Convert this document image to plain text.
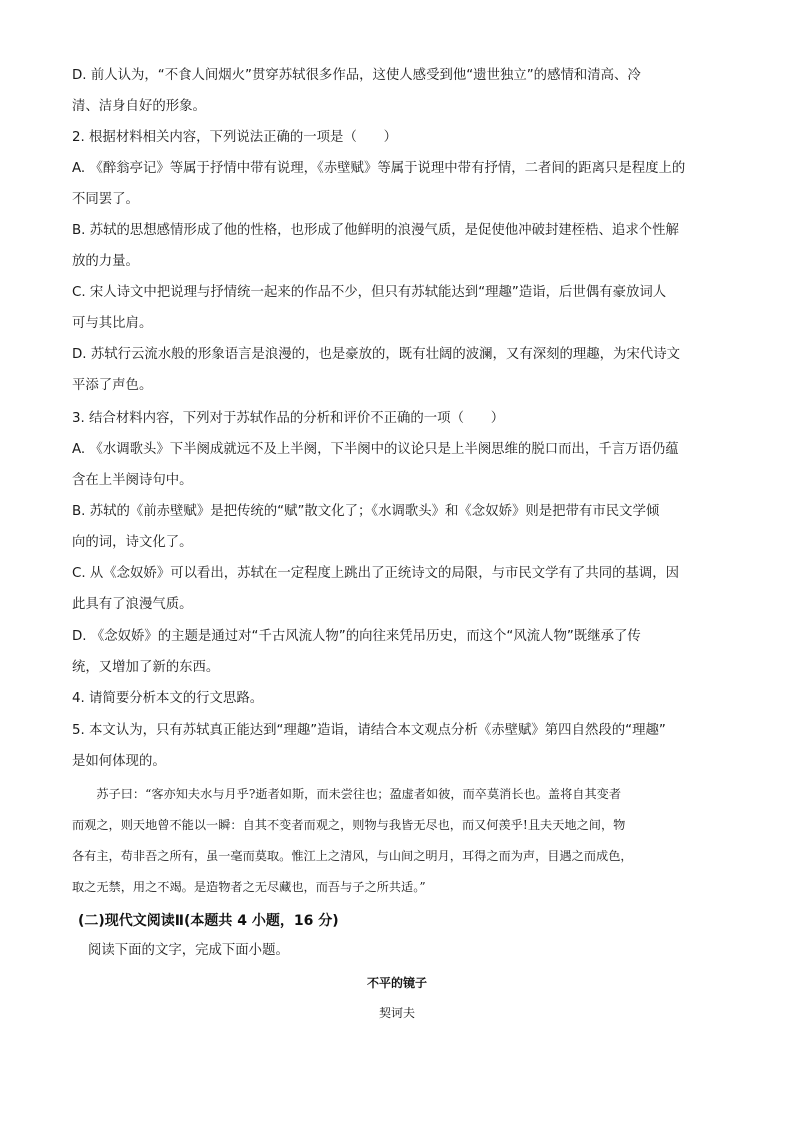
D. 前人认为，“不食人间烟火”贯穿苏轼很多作品，这使人感受到他“遗世独立”的感情和清高、冷
清、洁身自好的形象。
2. 根据材料相关内容，下列说法正确的一项是（　　）
A. 《醉翁亭记》等属于抒情中带有说理，《赤壁赋》等属于说理中带有抒情，二者间的距离只是程度上的
不同罢了。
B. 苏轼的思想感情形成了他的性格，也形成了他鲜明的浪漫气质，是促使他冲破封建桎梏、追求个性解
放的力量。
C. 宋人诗文中把说理与抒情统一起来的作品不少，但只有苏轼能达到“理趣”造诣，后世偶有豪放词人
可与其比肩。
D. 苏轼行云流水般的形象语言是浪漫的，也是豪放的，既有壮阔的波澜，又有深刻的理趣，为宋代诗文
平添了声色。
3. 结合材料内容，下列对于苏轼作品的分析和评价不正确的一项（　　）
A. 《水调歌头》下半阕成就远不及上半阕，下半阕中的议论只是上半阕思维的脱口而出，千言万语仍蕴
含在上半阕诗句中。
B. 苏轼的《前赤壁赋》是把传统的“赋”散文化了；《水调歌头》和《念奴娇》则是把带有市民文学倾
向的词，诗文化了。
C. 从《念奴娇》可以看出，苏轼在一定程度上跳出了正统诗文的局限，与市民文学有了共同的基调，因
此具有了浪漫气质。
D. 《念奴娇》的主题是通过对“千古风流人物”的向往来凭吊历史，而这个“风流人物”既继承了传
统，又增加了新的东西。
4. 请简要分析本文的行文思路。
5. 本文认为，只有苏轼真正能达到“理趣”造诣，请结合本文观点分析《赤壁赋》第四自然段的“理趣”
是如何体现的。
　　苏子曰：“客亦知夫水与月乎?逝者如斯，而未尝往也；盈虚者如彼，而卒莫消长也。盖将自其变者
而观之，则天地曾不能以一瞬：自其不变者而观之，则物与我皆无尽也，而又何羡乎!且夫天地之间，物
各有主，苟非吾之所有，虽一毫而莫取。惟江上之清风，与山间之明月，耳得之而为声，目遇之而成色，
取之无禁，用之不竭。是造物者之无尽藏也，而吾与子之所共适。”
(二)现代文阅读Ⅱ(本题共 4 小题，16 分)
阅读下面的文字，完成下面小题。
不平的镜子
契诃夫
